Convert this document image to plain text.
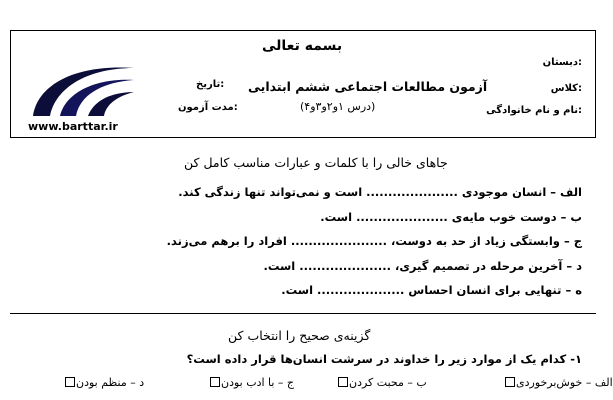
بسمه تعالی
آزمون مطالعات اجتماعی ششم ابتدایی
(درس ۱و۲و۳و۴)
دبستان:
کلاس:
نام و نام خانوادگی:
تاریخ:
مدت آزمون:
www.barttar.ir
جاهای خالی را با کلمات و عبارات مناسب کامل کن
الف – انسان موجودی ..................... است و نمی‌تواند تنها زندگی کند.
ب – دوست خوب مایه‌ی ..................... است.
ج – وابستگی زیاد از حد به دوست، ...................... افراد را برهم می‌زند.
د – آخرین مرحله در تصمیم گیری، ..................... است.
ه – تنهایی برای انسان احساس .................... است.
گزینه‌ی صحیح را انتخاب کن
۱- کدام یک از موارد زیر را خداوند در سرشت انسان‌ها قرار داده است؟
الف – خوش‌برخوردی
ب – محبت کردن
ج – با ادب بودن
د – منظم بودن
